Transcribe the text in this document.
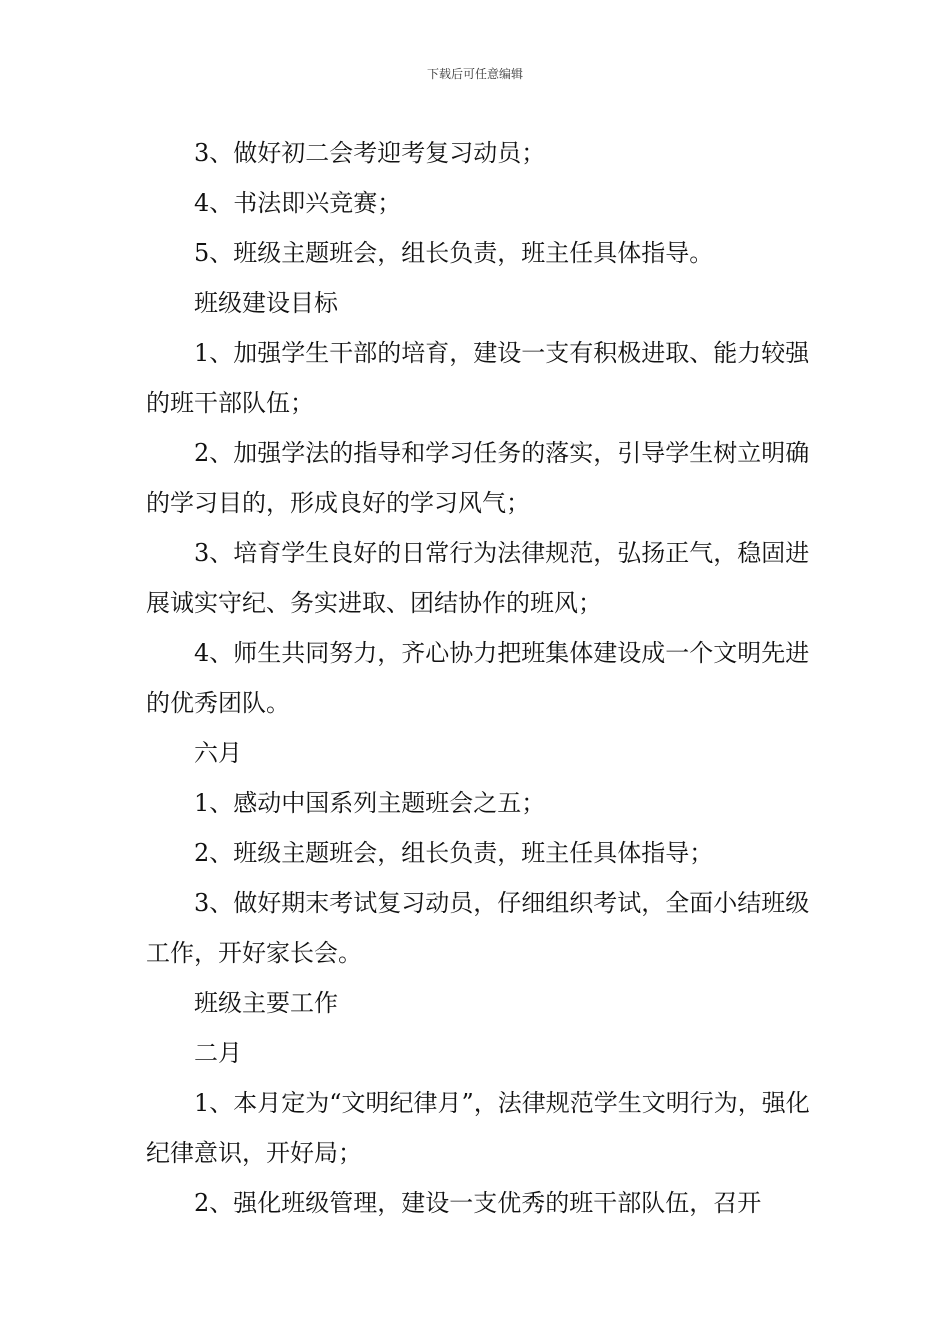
下载后可任意编辑

3、做好初二会考迎考复习动员；

4、书法即兴竞赛；

5、班级主题班会，组长负责，班主任具体指导。

班级建设目标

1、加强学生干部的培育，建设一支有积极进取、能力较强的班干部队伍；

2、加强学法的指导和学习任务的落实，引导学生树立明确的学习目的，形成良好的学习风气；

3、培育学生良好的日常行为法律规范，弘扬正气，稳固进展诚实守纪、务实进取、团结协作的班风；

4、师生共同努力，齐心协力把班集体建设成一个文明先进的优秀团队。

六月

1、感动中国系列主题班会之五；

2、班级主题班会，组长负责，班主任具体指导；

3、做好期末考试复习动员，仔细组织考试，全面小结班级工作，开好家长会。

班级主要工作

二月

1、本月定为“文明纪律月”，法律规范学生文明行为，强化纪律意识，开好局；

2、强化班级管理，建设一支优秀的班干部队伍，召开
